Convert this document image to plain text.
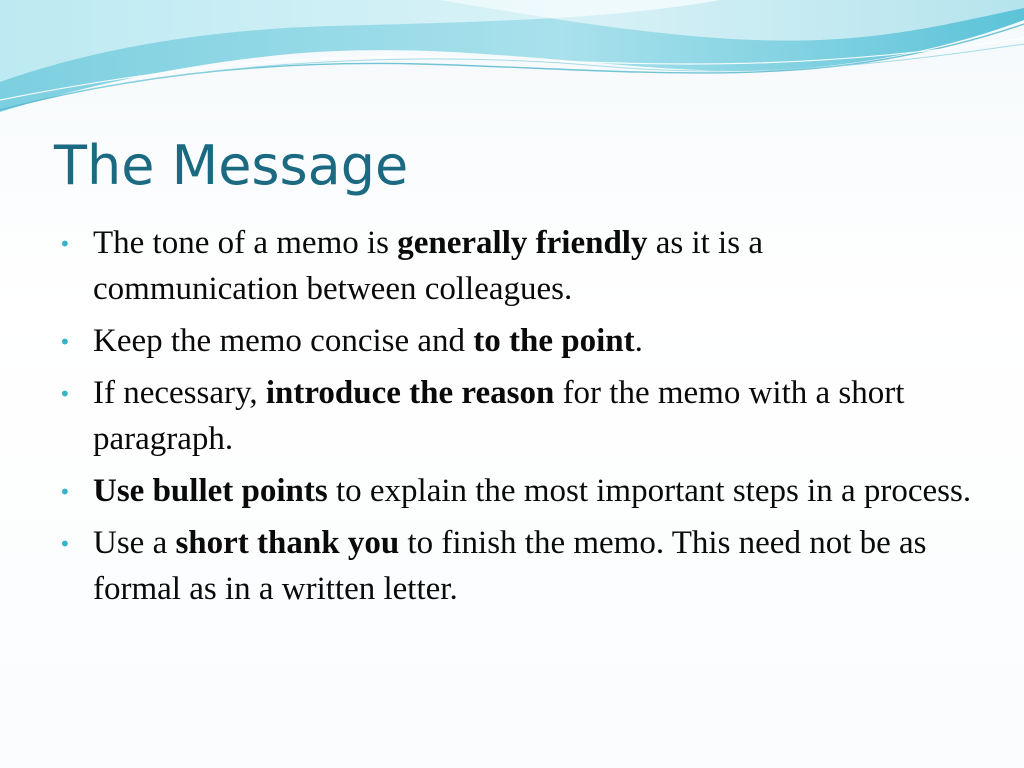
The Message
• The tone of a memo is generally friendly as it is a communication between colleagues.
• Keep the memo concise and to the point.
• If necessary, introduce the reason for the memo with a short paragraph.
• Use bullet points to explain the most important steps in a process.
• Use a short thank you to finish the memo. This need not be as formal as in a written letter.
